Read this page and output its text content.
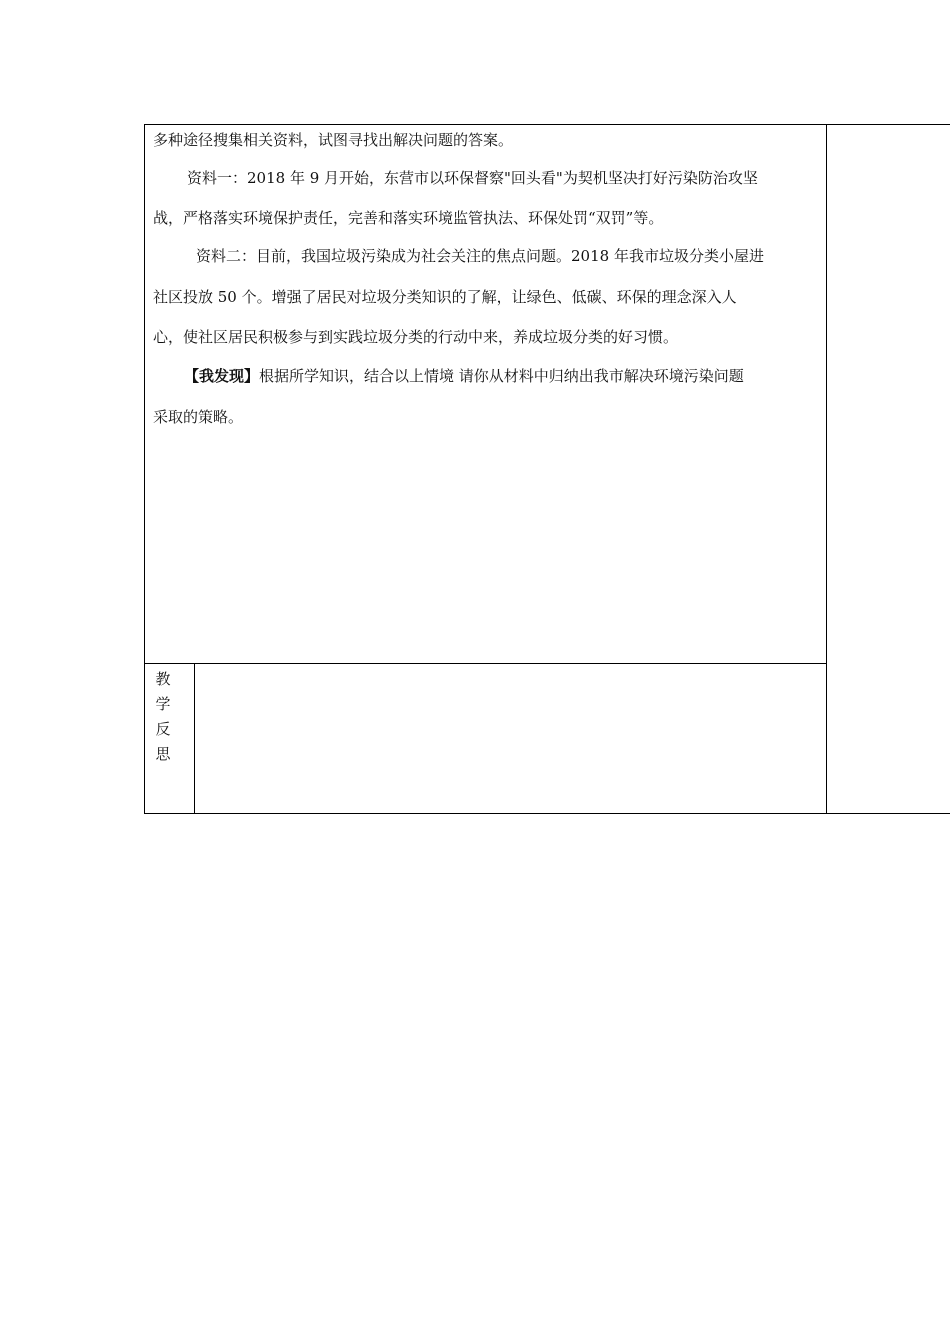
多种途径搜集相关资料，试图寻找出解决问题的答案。
资料一：2018 年 9 月开始，东营市以环保督察"回头看"为契机坚决打好污染防治攻坚
战，严格落实环境保护责任，完善和落实环境监管执法、环保处罚“双罚”等。
资料二：目前，我国垃圾污染成为社会关注的焦点问题。2018 年我市垃圾分类小屋进
社区投放 50 个。增强了居民对垃圾分类知识的了解，让绿色、低碳、环保的理念深入人
心，使社区居民积极参与到实践垃圾分类的行动中来，养成垃圾分类的好习惯。
【我发现】根据所学知识，结合以上情境 请你从材料中归纳出我市解决环境污染问题
采取的策略。
教
学
反
思
